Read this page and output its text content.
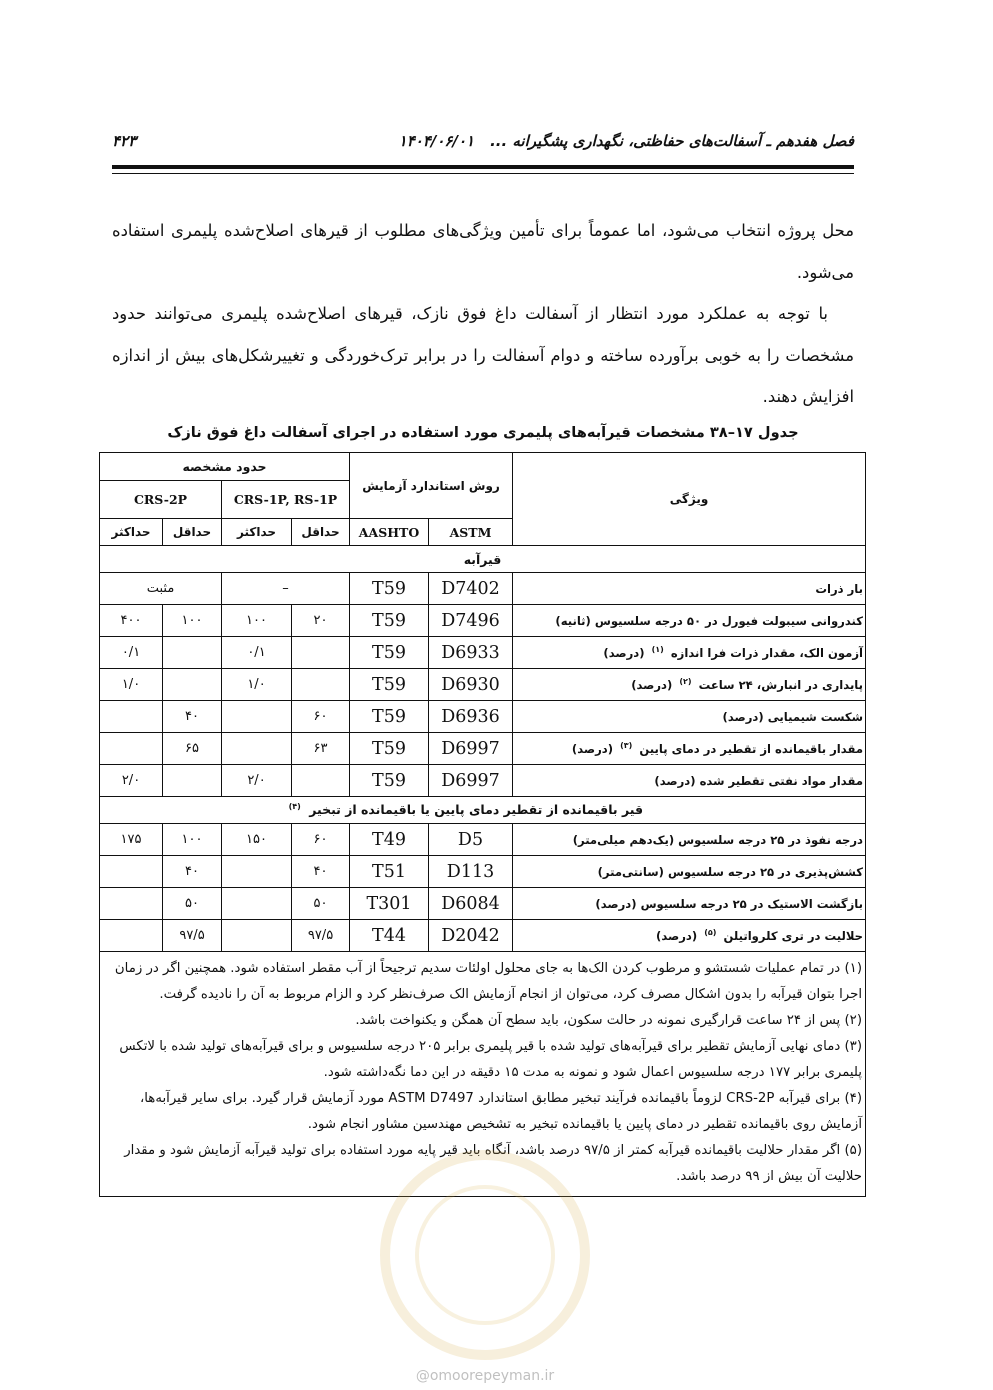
۴۲۳	۱۴۰۴/۰۶/۰۱ فصل هفدهم ـ آسفالت‌های حفاظتی، نگهداری پشگیرانه ...

محل پروژه انتخاب می‌شود، اما عموماً برای تأمین ویژگی‌های مطلوب از قیرهای اصلاح‌شده پلیمری استفاده می‌شود.

با توجه به عملکرد مورد انتظار از آسفالت داغ فوق نازک، قیرهای اصلاح‌شده پلیمری می‌توانند حدود مشخصات را به خوبی برآورده ساخته و دوام آسفالت را در برابر ترک‌خوردگی و تغییرشکل‌های بیش از اندازه افزایش دهند.

جدول ۱۷–۳۸ مشخصات قیرآبه‌های پلیمری مورد استفاده در اجرای آسفالت داغ فوق نازک
ویژگی	روش استاندارد آزمایش		حدود مشخصه			
			CRS-1P, RS-1P		CRS-2P	
	ASTM	AASHTO	حداقل	حداکثر	حداقل	حداکثر
قیرآبه						
بار ذرات	D7402	T59	–		مثبت	
کندروانی سیبولت فیورل در ۵۰ درجه سلسیوس (ثانیه)	D7496	T59	۲۰	۱۰۰	۱۰۰	۴۰۰
آزمون الک، مقدار ذرات فرا اندازه $^{(۱)}$ (درصد)	D6933	T59		۰/۱		۰/۱
پایداری در انبارش، ۲۴ ساعت $^{(۲)}$ (درصد)	D6930	T59		۱/۰		۱/۰
شکست شیمیایی (درصد)	D6936	T59	۶۰		۴۰	
مقدار باقیمانده از تقطیر در دمای پایین $^{(۳)}$ (درصد)	D6997	T59	۶۳		۶۵	
مقدار مواد نفتی تقطیر شده (درصد)	D6997	T59		۲/۰		۲/۰
قیر باقیمانده از تقطیر دمای پایین یا باقیمانده از تبخیر $^{(۴)}$
درجه نفوذ در ۲۵ درجه سلسیوس (یک‌دهم میلی‌متر)	D5	T49	۶۰	۱۵۰	۱۰۰	۱۷۵
کشش‌پذیری در ۲۵ درجه سلسیوس (سانتی‌متر)	D113	T51	۴۰		۴۰	
بازگشت الاستیک در ۲۵ درجه سلسیوس (درصد)	D6084	T301	۵۰		۵۰	
حلالیت در تری کلرواتیلن $^{(۵)}$ (درصد)	D2042	T44	۹۷/۵		۹۷/۵	

(۱) در تمام عملیات شستشو و مرطوب کردن الک‌ها به جای محلول اولئات سدیم ترجیحاً از آب مقطر استفاده شود. همچنین اگر در زمان اجرا بتوان قیرآبه را بدون اشکال مصرف کرد، می‌توان از انجام آزمایش الک صرف‌نظر کرد و الزام مربوط به آن را نادیده گرفت.
(۲) پس از ۲۴ ساعت قرارگیری نمونه در حالت سکون، باید سطح آن همگن و یکنواخت باشد.
(۳) دمای نهایی آزمایش تقطیر برای قیرآبه‌های تولید شده با قیر پلیمری برابر ۲۰۵ درجه سلسیوس و برای قیرآبه‌های تولید شده با لاتکس پلیمری برابر ۱۷۷ درجه سلسیوس اعمال شود و نمونه به مدت ۱۵ دقیقه در این دما نگه‌داشته شود.
(۴) برای قیرآبه CRS-2P لزوماً باقیمانده فرآیند تبخیر مطابق استاندارد ASTM D7497 مورد آزمایش قرار گیرد. برای سایر قیرآبه‌ها، آزمایش روی باقیمانده تقطیر در دمای پایین یا باقیمانده تبخیر به تشخیص مهندسین مشاور انجام شود.
(۵) اگر مقدار حلالیت باقیمانده قیرآبه کمتر از ۹۷/۵ درصد باشد، آنگاه باید قیر پایه مورد استفاده برای تولید قیرآبه آزمایش شود و مقدار حلالیت آن بیش از ۹۹ درصد باشد.						
@omoorepeyman.ir
